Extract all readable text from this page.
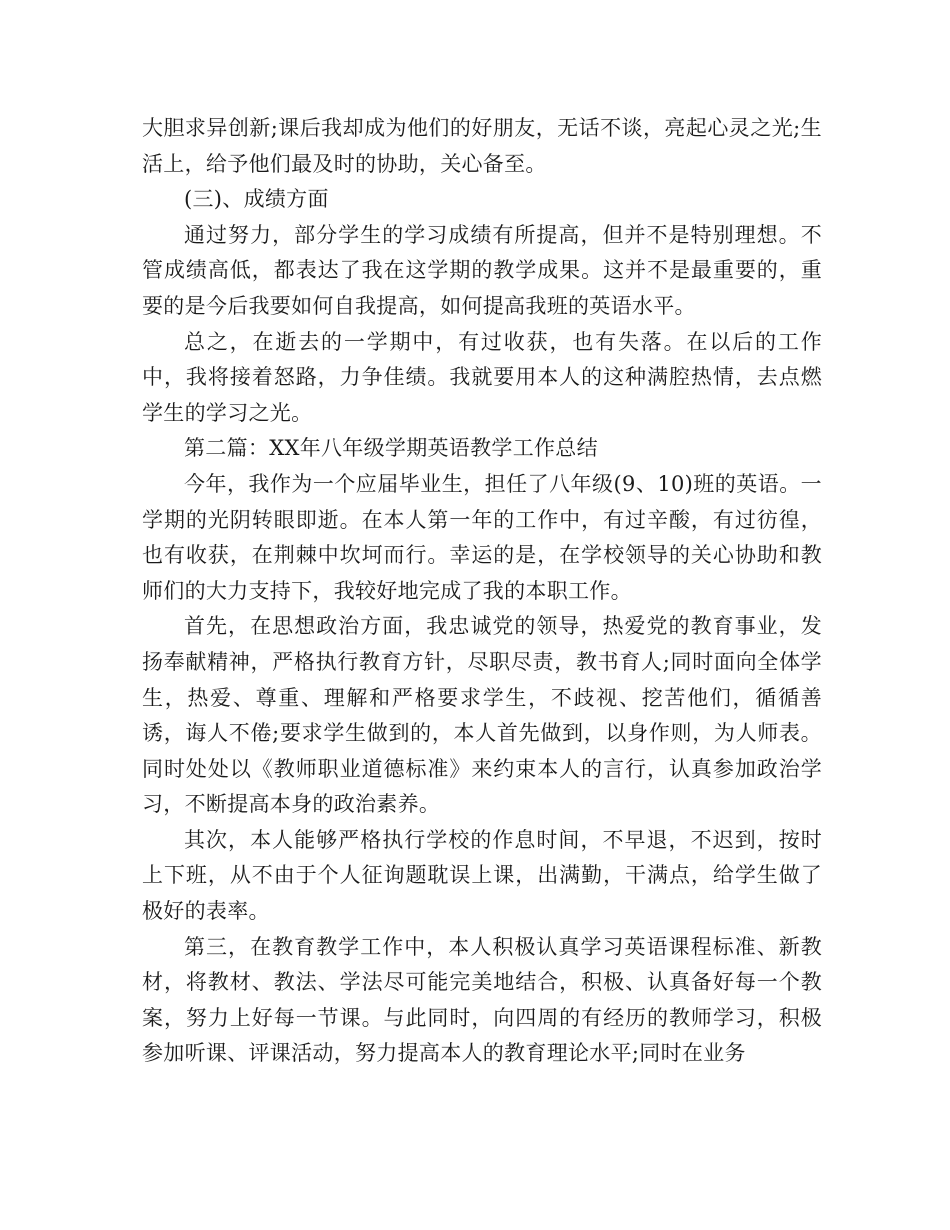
大胆求异创新;课后我却成为他们的好朋友，无话不谈，亮起心灵之光;生活上，给予他们最及时的协助，关心备至。

(三)、成绩方面

通过努力，部分学生的学习成绩有所提高，但并不是特别理想。不管成绩高低，都表达了我在这学期的教学成果。这并不是最重要的，重要的是今后我要如何自我提高，如何提高我班的英语水平。

总之，在逝去的一学期中，有过收获，也有失落。在以后的工作中，我将接着怒路，力争佳绩。我就要用本人的这种满腔热情，去点燃学生的学习之光。

第二篇：XX年八年级学期英语教学工作总结

今年，我作为一个应届毕业生，担任了八年级(9、10)班的英语。一学期的光阴转眼即逝。在本人第一年的工作中，有过辛酸，有过彷徨，也有收获，在荆棘中坎坷而行。幸运的是，在学校领导的关心协助和教师们的大力支持下，我较好地完成了我的本职工作。

首先，在思想政治方面，我忠诚党的领导，热爱党的教育事业，发扬奉献精神，严格执行教育方针，尽职尽责，教书育人;同时面向全体学生，热爱、尊重、理解和严格要求学生，不歧视、挖苦他们，循循善诱，诲人不倦;要求学生做到的，本人首先做到，以身作则，为人师表。同时处处以《教师职业道德标准》来约束本人的言行，认真参加政治学习，不断提高本身的政治素养。

其次，本人能够严格执行学校的作息时间，不早退，不迟到，按时上下班，从不由于个人征询题耽误上课，出满勤，干满点，给学生做了极好的表率。

第三，在教育教学工作中，本人积极认真学习英语课程标准、新教材，将教材、教法、学法尽可能完美地结合，积极、认真备好每一个教案，努力上好每一节课。与此同时，向四周的有经历的教师学习，积极参加听课、评课活动，努力提高本人的教育理论水平;同时在业务
